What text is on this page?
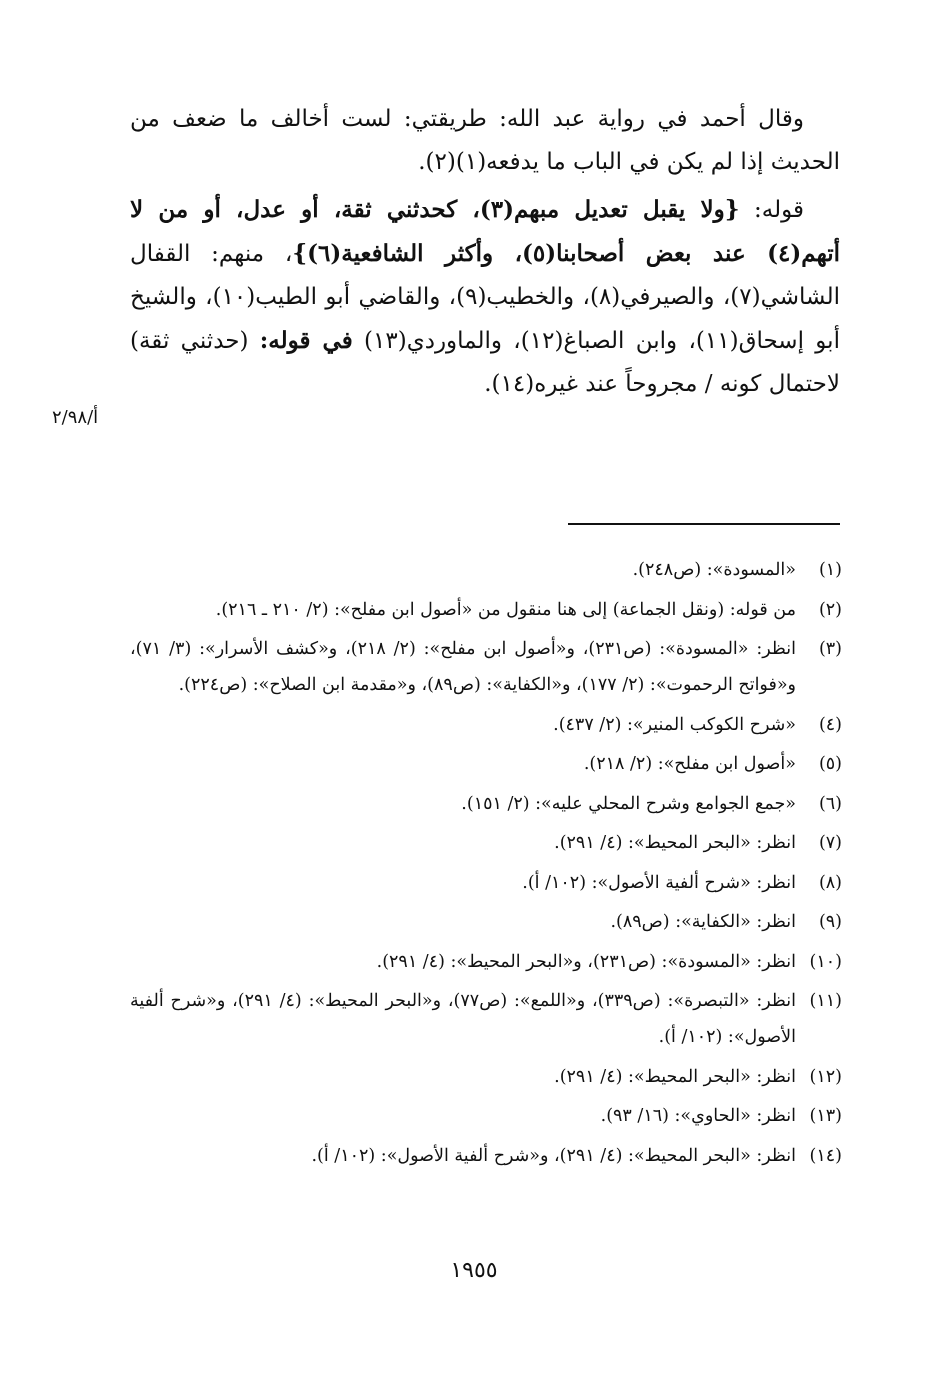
وقال أحمد في رواية عبد الله: طريقتي: لست أخالف ما ضعف من الحديث إذا لم يكن في الباب ما يدفعه(١)(٢).

قوله: {ولا يقبل تعديل مبهم(٣)، كحدثني ثقة، أو عدل، أو من لا أتهم(٤) عند بعض أصحابنا(٥)، وأكثر الشافعية(٦)}، منهم: القفال الشاشي(٧)، والصيرفي(٨)، والخطيب(٩)، والقاضي أبو الطيب(١٠)، والشيخ أبو إسحاق(١١)، وابن الصباغ(١٢)، والماوردي(١٣) في قوله: (حدثني ثقة) لاحتمال كونه / مجروحاً عند غيره(١٤).

أ/٢/٩٨
(١)
«المسودة»: (ص٢٤٨).
(٢)
من قوله: (ونقل الجماعة) إلى هنا منقول من «أصول ابن مفلح»: (٢/ ٢١٠ ـ ٢١٦).
(٣)
انظر: «المسودة»: (ص٢٣١)، و«أصول ابن مفلح»: (٢/ ٢١٨)، و«كشف الأسرار»: (٣/ ٧١)، و«فواتح الرحموت»: (٢/ ١٧٧)، و«الكفاية»: (ص٨٩)، و«مقدمة ابن الصلاح»: (ص٢٢٤).
(٤)
«شرح الكوكب المنير»: (٢/ ٤٣٧).
(٥)
«أصول ابن مفلح»: (٢/ ٢١٨).
(٦)
«جمع الجوامع وشرح المحلي عليه»: (٢/ ١٥١).
(٧)
انظر: «البحر المحيط»: (٤/ ٢٩١).
(٨)
انظر: «شرح ألفية الأصول»: (١٠٢/ أ).
(٩)
انظر: «الكفاية»: (ص٨٩).
(١٠)
انظر: «المسودة»: (ص٢٣١)، و«البحر المحيط»: (٤/ ٢٩١).
(١١)
انظر: «التبصرة»: (ص٣٣٩)، و«اللمع»: (ص٧٧)، و«البحر المحيط»: (٤/ ٢٩١)، و«شرح ألفية الأصول»: (١٠٢/ أ).
(١٢)
انظر: «البحر المحيط»: (٤/ ٢٩١).
(١٣)
انظر: «الحاوي»: (١٦/ ٩٣).
(١٤)
انظر: «البحر المحيط»: (٤/ ٢٩١)، و«شرح ألفية الأصول»: (١٠٢/ أ).
١٩٥٥
